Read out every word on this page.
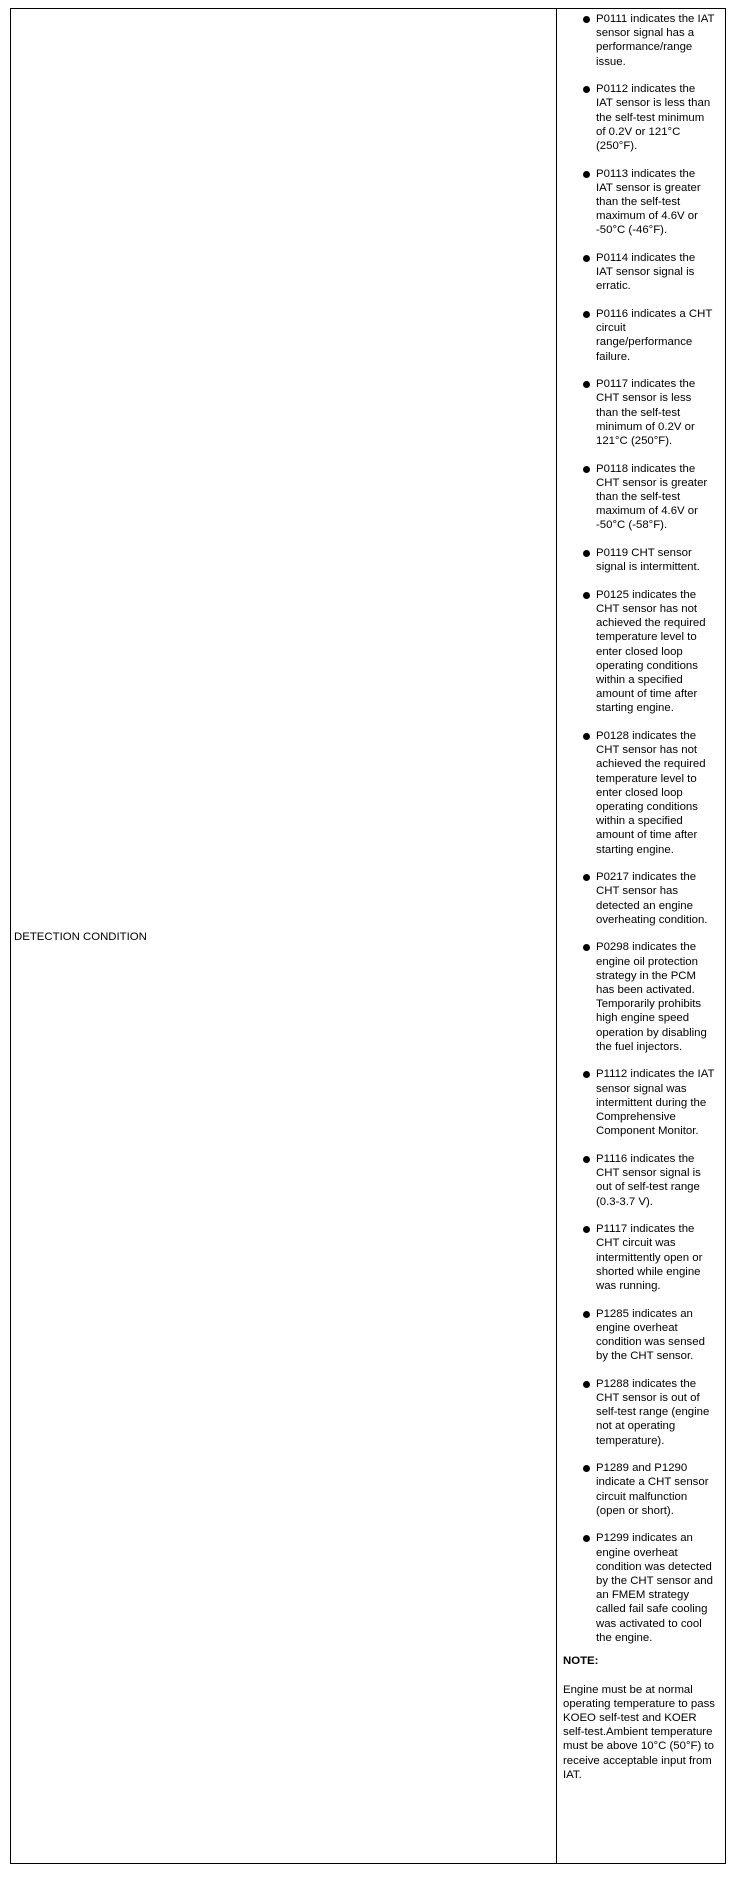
DETECTION CONDITION
P0111 indicates the IAT sensor signal has a performance/range issue.
P0112 indicates the IAT sensor is less than the self-test minimum of 0.2V or 121°C (250°F).
P0113 indicates the IAT sensor is greater than the self-test maximum of 4.6V or -50°C (-46°F).
P0114 indicates the IAT sensor signal is erratic.
P0116 indicates a CHT circuit range/performance failure.
P0117 indicates the CHT sensor is less than the self-test minimum of 0.2V or 121°C (250°F).
P0118 indicates the CHT sensor is greater than the self-test maximum of 4.6V or -50°C (-58°F).
P0119 CHT sensor signal is intermittent.
P0125 indicates the CHT sensor has not achieved the required temperature level to enter closed loop operating conditions within a specified amount of time after starting engine.
P0128 indicates the CHT sensor has not achieved the required temperature level to enter closed loop operating conditions within a specified amount of time after starting engine.
P0217 indicates the CHT sensor has detected an engine overheating condition.
P0298 indicates the engine oil protection strategy in the PCM has been activated. Temporarily prohibits high engine speed operation by disabling the fuel injectors.
P1112 indicates the IAT sensor signal was intermittent during the Comprehensive Component Monitor.
P1116 indicates the CHT sensor signal is out of self-test range (0.3-3.7 V).
P1117 indicates the CHT circuit was intermittently open or shorted while engine was running.
P1285 indicates an engine overheat condition was sensed by the CHT sensor.
P1288 indicates the CHT sensor is out of self-test range (engine not at operating temperature).
P1289 and P1290 indicate a CHT sensor circuit malfunction (open or short).
P1299 indicates an engine overheat condition was detected by the CHT sensor and an FMEM strategy called fail safe cooling was activated to cool the engine.
NOTE:

Engine must be at normal operating temperature to pass KOEO self-test and KOER self-test.Ambient temperature must be above 10°C (50°F) to receive acceptable input from IAT.
